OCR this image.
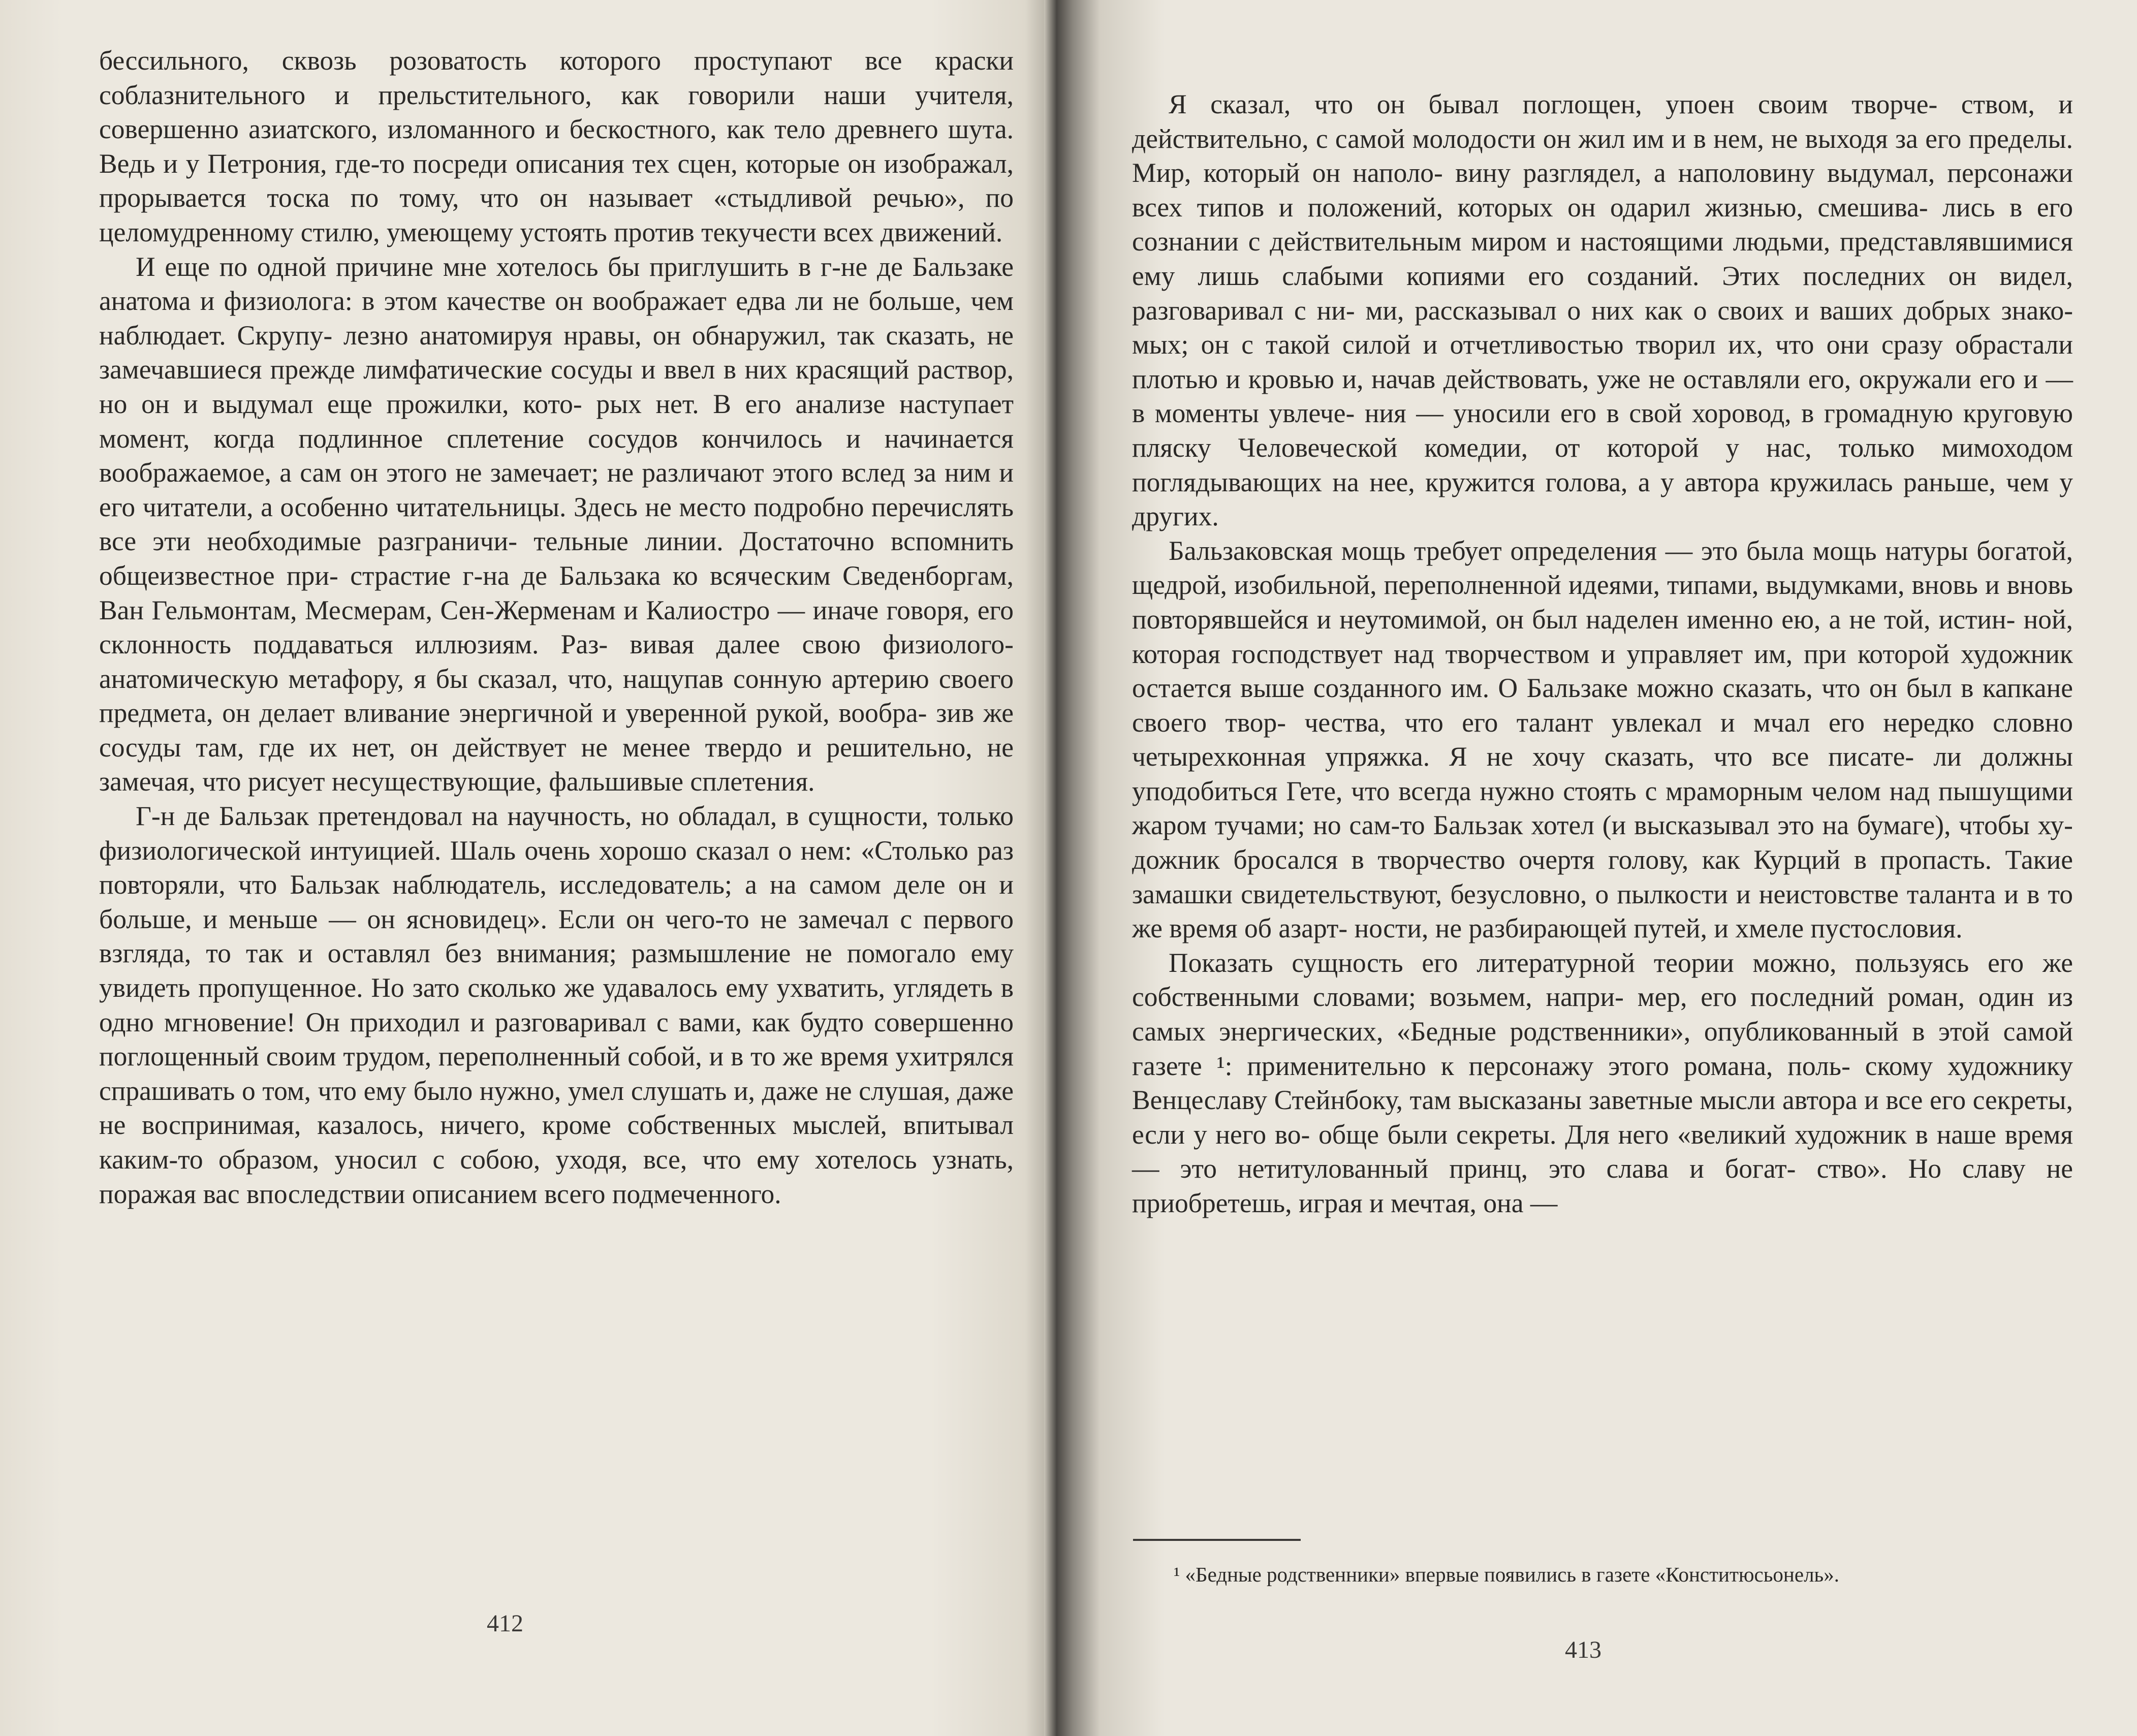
бессильного, сквозь розоватость которого проступают все краски соблазнительного и прельстительного, как говорили наши учителя, совершенно азиатского, изломанного и бескостного, как тело древнего шута. Ведь и у Петрония, где-то посреди описания тех сцен, которые он изображал, прорывается тоска по тому, что он называет «стыдливой речью», по целомудренному стилю, умеющему устоять против текучести всех движений.

И еще по одной причине мне хотелось бы приглушить в г-не де Бальзаке анатома и физиолога: в этом качестве он воображает едва ли не больше, чем наблюдает. Скрупу- лезно анатомируя нравы, он обнаружил, так сказать, не замечавшиеся прежде лимфатические сосуды и ввел в них красящий раствор, но он и выдумал еще прожилки, кото- рых нет. В его анализе наступает момент, когда подлинное сплетение сосудов кончилось и начинается воображаемое, а сам он этого не замечает; не различают этого вслед за ним и его читатели, а особенно читательницы. Здесь не место подробно перечислять все эти необходимые разграничи- тельные линии. Достаточно вспомнить общеизвестное при- страстие г-на де Бальзака ко всяческим Сведенборгам, Ван Гельмонтам, Месмерам, Сен-Жерменам и Калиостро — иначе говоря, его склонность поддаваться иллюзиям. Раз- вивая далее свою физиолого-анатомическую метафору, я бы сказал, что, нащупав сонную артерию своего предмета, он делает вливание энергичной и уверенной рукой, вообра- зив же сосуды там, где их нет, он действует не менее твердо и решительно, не замечая, что рисует несуществующие, фальшивые сплетения.

Г-н де Бальзак претендовал на научность, но обладал, в сущности, только физиологической интуицией. Шаль очень хорошо сказал о нем: «Столько раз повторяли, что Бальзак наблюдатель, исследователь; а на самом деле он и больше, и меньше — он ясновидец». Если он чего-то не замечал с первого взгляда, то так и оставлял без внимания; размышление не помогало ему увидеть пропущенное. Но зато сколько же удавалось ему ухватить, углядеть в одно мгновение! Он приходил и разговаривал с вами, как будто совершенно поглощенный своим трудом, переполненный собой, и в то же время ухитрялся спрашивать о том, что ему было нужно, умел слушать и, даже не слушая, даже не воспринимая, казалось, ничего, кроме собственных мыслей, впитывал каким-то образом, уносил с собою, уходя, все, что ему хотелось узнать, поражая вас впоследствии описанием всего подмеченного.

412

Я сказал, что он бывал поглощен, упоен своим творче- ством, и действительно, с самой молодости он жил им и в нем, не выходя за его пределы. Мир, который он наполо- вину разглядел, а наполовину выдумал, персонажи всех типов и положений, которых он одарил жизнью, смешива- лись в его сознании с действительным миром и настоящими людьми, представлявшимися ему лишь слабыми копиями его созданий. Этих последних он видел, разговаривал с ни- ми, рассказывал о них как о своих и ваших добрых знако- мых; он с такой силой и отчетливостью творил их, что они сразу обрастали плотью и кровью и, начав действовать, уже не оставляли его, окружали его и — в моменты увлече- ния — уносили его в свой хоровод, в громадную круговую пляску Человеческой комедии, от которой у нас, только мимоходом поглядывающих на нее, кружится голова, а у автора кружилась раньше, чем у других.

Бальзаковская мощь требует определения — это была мощь натуры богатой, щедрой, изобильной, переполненной идеями, типами, выдумками, вновь и вновь повторявшейся и неутомимой, он был наделен именно ею, а не той, истин- ной, которая господствует над творчеством и управляет им, при которой художник остается выше созданного им. О Бальзаке можно сказать, что он был в капкане своего твор- чества, что его талант увлекал и мчал его нередко словно четырехконная упряжка. Я не хочу сказать, что все писате- ли должны уподобиться Гете, что всегда нужно стоять с мраморным челом над пышущими жаром тучами; но сам-то Бальзак хотел (и высказывал это на бумаге), чтобы ху- дожник бросался в творчество очертя голову, как Курций в пропасть. Такие замашки свидетельствуют, безусловно, о пылкости и неистовстве таланта и в то же время об азарт- ности, не разбирающей путей, и хмеле пустословия.

Показать сущность его литературной теории можно, пользуясь его же собственными словами; возьмем, напри- мер, его последний роман, один из самых энергических, «Бедные родственники», опубликованный в этой самой газете ¹: применительно к персонажу этого романа, поль- скому художнику Венцеславу Стейнбоку, там высказаны заветные мысли автора и все его секреты, если у него во- обще были секреты. Для него «великий художник в наше время — это нетитулованный принц, это слава и богат- ство». Но славу не приобретешь, играя и мечтая, она —

¹ «Бедные родственники» впервые появились в газете «Конститюсьонель».
413
